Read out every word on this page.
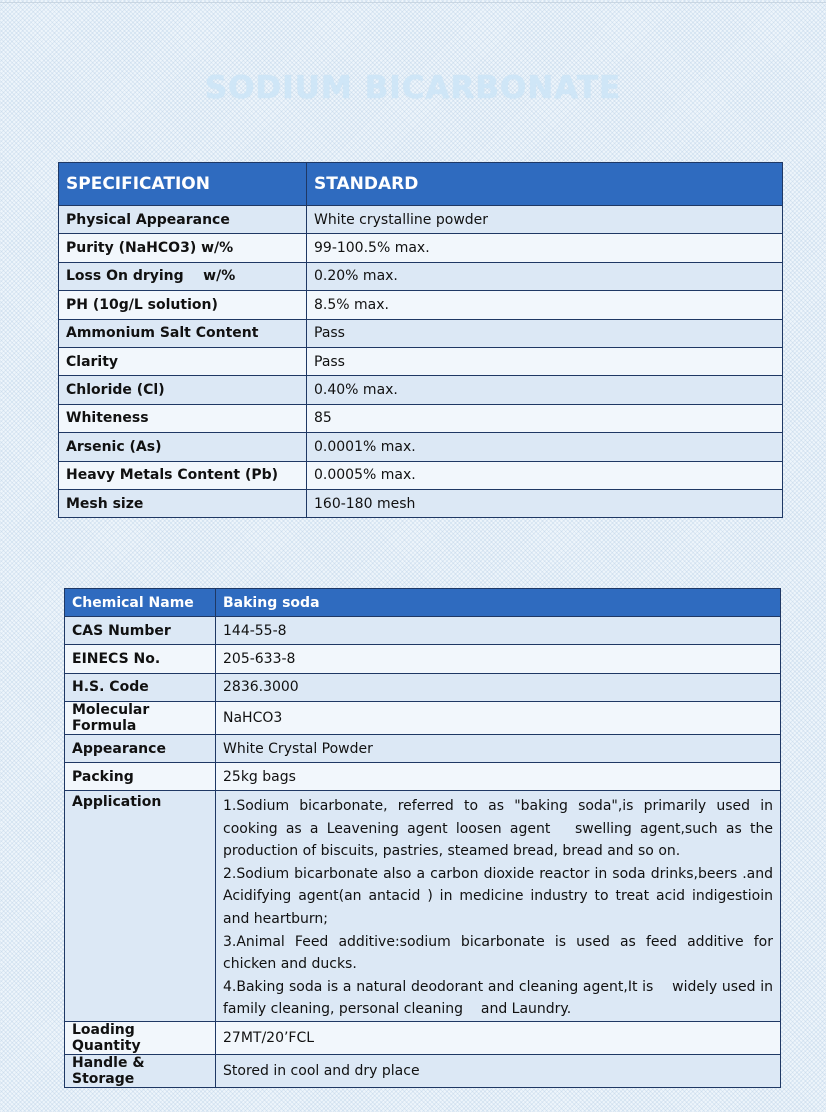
SODIUM BICARBONATE
SPECIFICATION	STANDARD
Physical Appearance	White crystalline powder
Purity (NaHCO3) w/%	99-100.5% max.
Loss On drying    w/%	0.20% max.
PH (10g/L solution)	8.5% max.
Ammonium Salt Content	Pass
Clarity	Pass
Chloride (Cl)	0.40% max.
Whiteness	85
Arsenic (As)	0.0001% max.
Heavy Metals Content (Pb)	0.0005% max.
Mesh size	160-180 mesh
Chemical Name	Baking soda
CAS Number	144-55-8
EINECS No.	205-633-8
H.S. Code	2836.3000
Molecular Formula	NaHCO3
Appearance	White Crystal Powder
Packing	25kg bags
Application	1.Sodium bicarbonate, referred to as "baking soda",is primarily used in cooking as a Leavening agent loosen agent   swelling agent,such as the production of biscuits, pastries, steamed bread, bread and so on.

2.Sodium bicarbonate also a carbon dioxide reactor in soda drinks,beers .and Acidifying agent(an antacid ) in medicine industry to treat acid indigestioin and heartburn;

3.Animal Feed additive:sodium bicarbonate is used as feed additive for chicken and ducks.

4.Baking soda is a natural deodorant and cleaning agent,It is    widely used in family cleaning, personal cleaning    and Laundry.

Loading Quantity	27MT/20’FCL
Handle & Storage	Stored in cool and dry place
